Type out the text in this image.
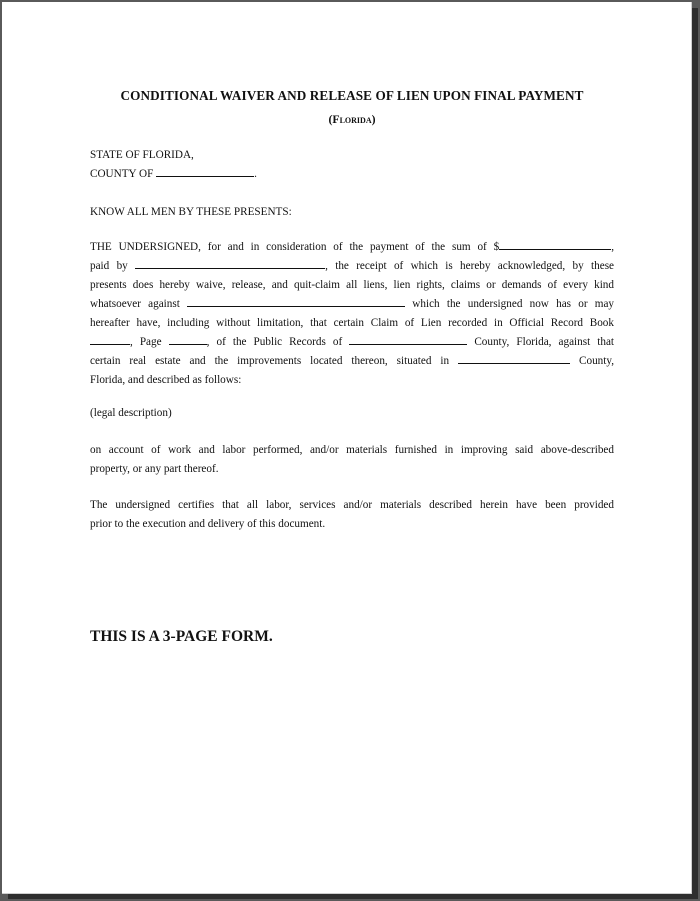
CONDITIONAL WAIVER AND RELEASE OF LIEN UPON FINAL PAYMENT
(Florida)
STATE OF FLORIDA,
COUNTY OF	.
KNOW ALL MEN BY THESE PRESENTS:
THE UNDERSIGNED, for and in consideration of the payment of the sum of $	,
paid by	, the receipt of which is hereby acknowledged, by these
presents does hereby waive, release, and quit-claim all liens, lien rights, claims or demands of every kind
whatsoever against	which the undersigned now has or may
hereafter have, including without limitation, that certain Claim of Lien recorded in Official Record Book
, Page	, of the Public Records of	County, Florida, against that
certain real estate and the improvements located thereon, situated in	County,
Florida, and described as follows:
(legal description)
on account of work and labor performed, and/or materials furnished in improving said above-described
property, or any part thereof.
The undersigned certifies that all labor, services and/or materials described herein have been provided
prior to the execution and delivery of this document.
THIS IS A 3-PAGE FORM.
